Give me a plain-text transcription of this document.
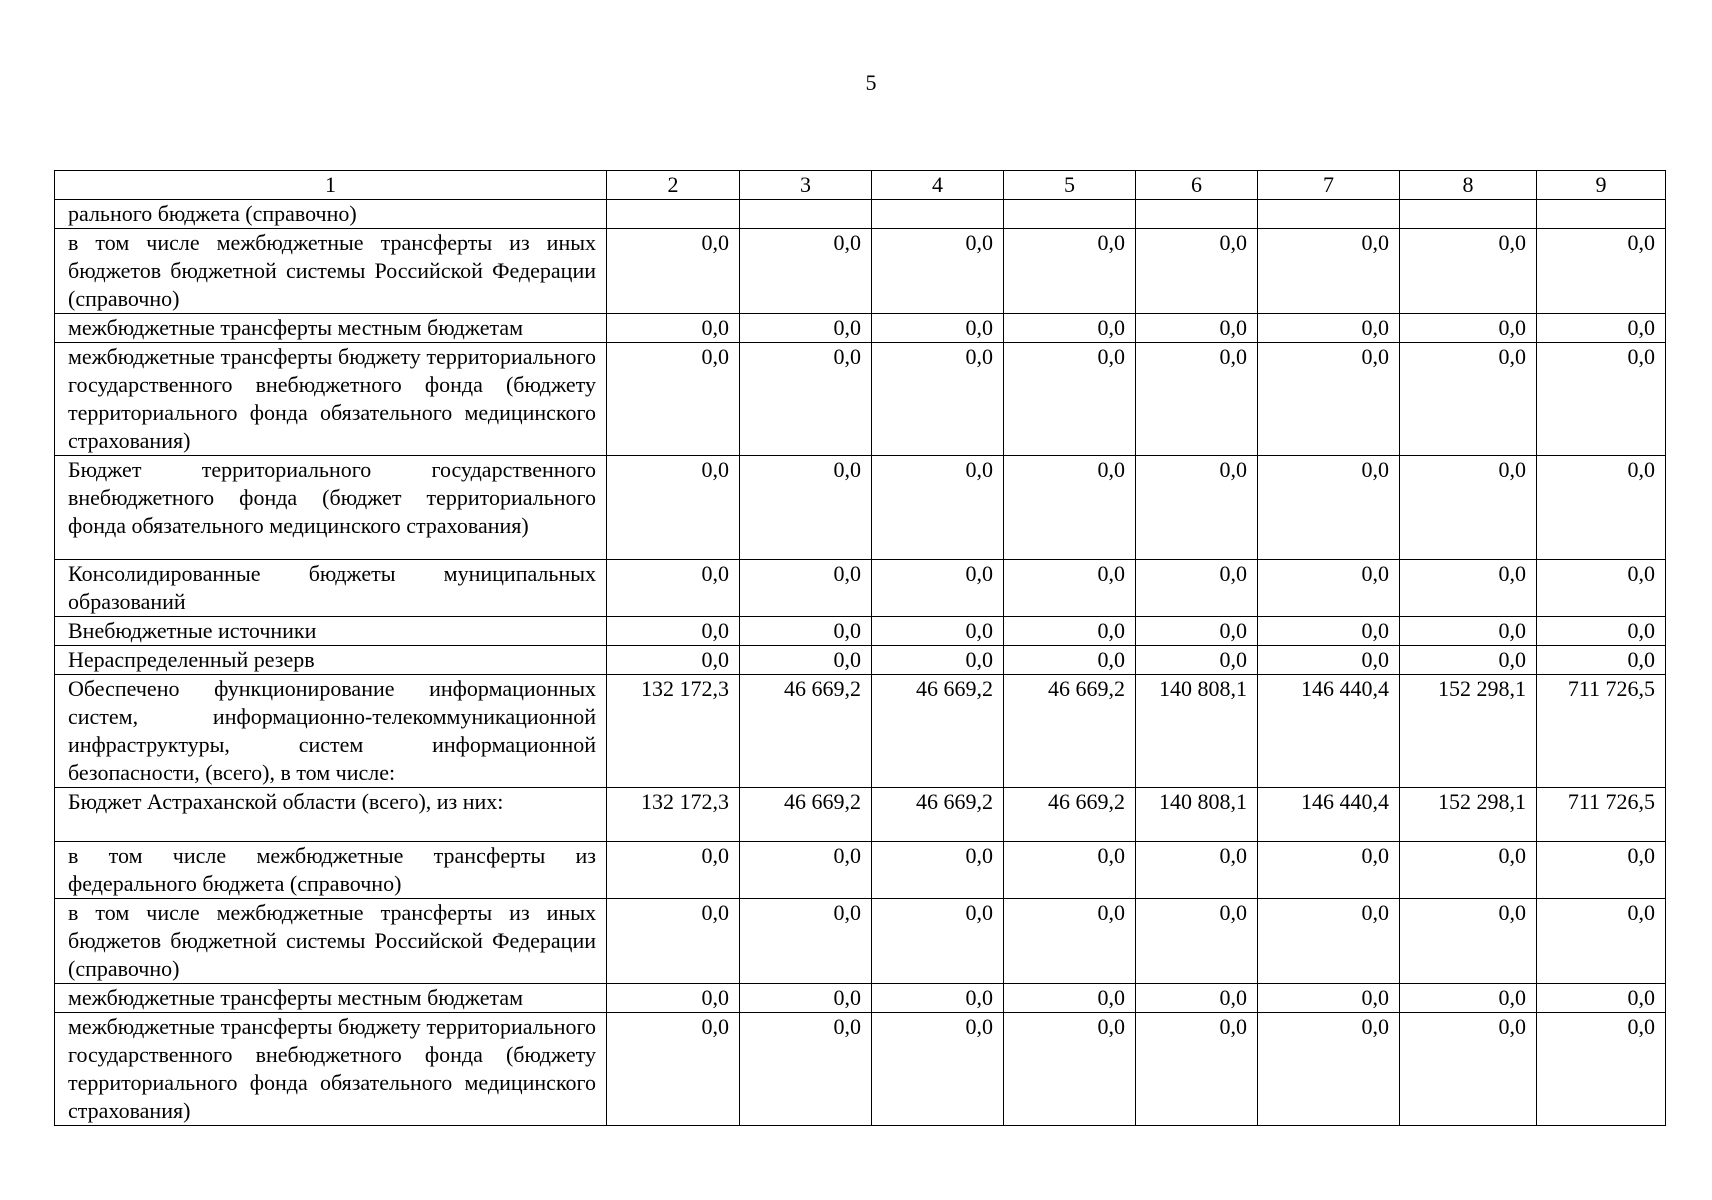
5
1	2	3	4	5	6	7	8	9
рального бюджета (справочно)								
в том числе межбюджетные трансферты из иных бюджетов бюджетной системы Российской Федерации (справочно)	0,0	0,0	0,0	0,0	0,0	0,0	0,0	0,0
межбюджетные трансферты местным бюджетам	0,0	0,0	0,0	0,0	0,0	0,0	0,0	0,0
межбюджетные трансферты бюджету территориального государственного внебюджетного фонда (бюджету территориального фонда обязательного медицинского страхования)	0,0	0,0	0,0	0,0	0,0	0,0	0,0	0,0
Бюджет территориального государственного внебюджетного фонда (бюджет территориального фонда обязательного медицинского страхования)	0,0	0,0	0,0	0,0	0,0	0,0	0,0	0,0
Консолидированные бюджеты муниципальных образований	0,0	0,0	0,0	0,0	0,0	0,0	0,0	0,0
Внебюджетные источники	0,0	0,0	0,0	0,0	0,0	0,0	0,0	0,0
Нераспределенный резерв	0,0	0,0	0,0	0,0	0,0	0,0	0,0	0,0
Обеспечено функционирование информационных систем, информационно-телекоммуникационной инфраструктуры, систем информационной безопасности, (всего), в том числе:	132 172,3	46 669,2	46 669,2	46 669,2	140 808,1	146 440,4	152 298,1	711 726,5
Бюджет Астраханской области (всего), из них:	132 172,3	46 669,2	46 669,2	46 669,2	140 808,1	146 440,4	152 298,1	711 726,5
в том числе межбюджетные трансферты из федерального бюджета (справочно)	0,0	0,0	0,0	0,0	0,0	0,0	0,0	0,0
в том числе межбюджетные трансферты из иных бюджетов бюджетной системы Российской Федерации (справочно)	0,0	0,0	0,0	0,0	0,0	0,0	0,0	0,0
межбюджетные трансферты местным бюджетам	0,0	0,0	0,0	0,0	0,0	0,0	0,0	0,0
межбюджетные трансферты бюджету территориального государственного внебюджетного фонда (бюджету территориального фонда обязательного медицинского страхования)	0,0	0,0	0,0	0,0	0,0	0,0	0,0	0,0
